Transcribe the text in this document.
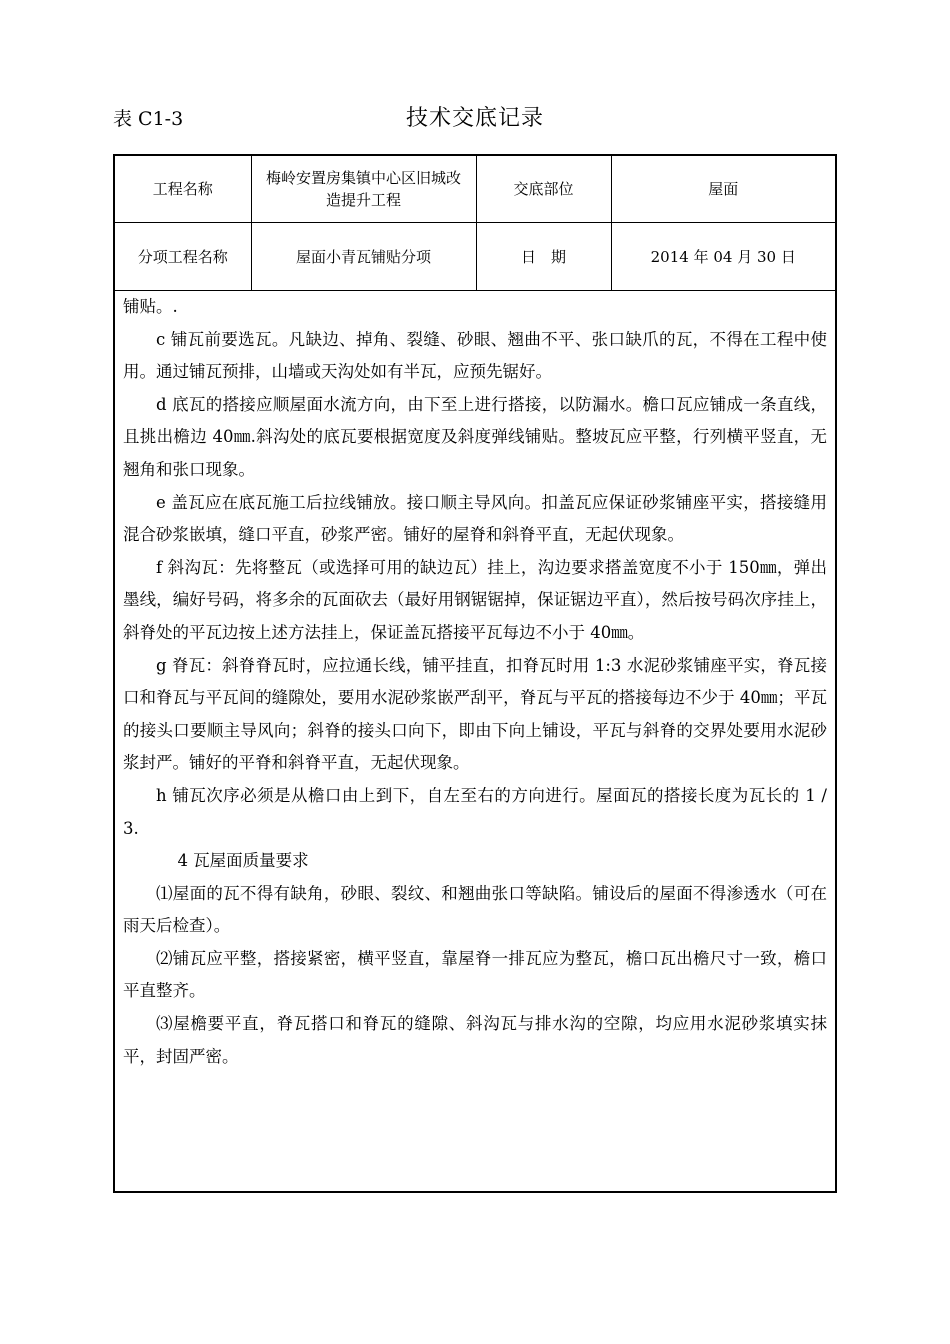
表 C1-3	技术交底记录
工程名称	梅岭安置房集镇中心区旧城改造提升工程	交底部位	屋面
分项工程名称	屋面小青瓦铺贴分项	日　期	2014 年 04 月 30 日

铺贴。.

c 铺瓦前要选瓦。凡缺边、掉角、裂缝、砂眼、翘曲不平、张口缺爪的瓦，不得在工程中使用。通过铺瓦预排，山墙或天沟处如有半瓦，应预先锯好。

d 底瓦的搭接应顺屋面水流方向，由下至上进行搭接，以防漏水。檐口瓦应铺成一条直线，且挑出檐边 40㎜.斜沟处的底瓦要根据宽度及斜度弹线铺贴。整坡瓦应平整，行列横平竖直，无翘角和张口现象。

e 盖瓦应在底瓦施工后拉线铺放。接口顺主导风向。扣盖瓦应保证砂浆铺座平实，搭接缝用混合砂浆嵌填，缝口平直，砂浆严密。铺好的屋脊和斜脊平直，无起伏现象。

f 斜沟瓦：先将整瓦（或选择可用的缺边瓦）挂上，沟边要求搭盖宽度不小于 150㎜，弹出墨线，编好号码，将多余的瓦面砍去（最好用钢锯锯掉，保证锯边平直），然后按号码次序挂上，斜脊处的平瓦边按上述方法挂上，保证盖瓦搭接平瓦每边不小于 40㎜。

g 脊瓦：斜脊脊瓦时，应拉通长线，铺平挂直，扣脊瓦时用 1:3 水泥砂浆铺座平实，脊瓦接口和脊瓦与平瓦间的缝隙处，要用水泥砂浆嵌严刮平，脊瓦与平瓦的搭接每边不少于 40㎜；平瓦的接头口要顺主导风向；斜脊的接头口向下，即由下向上铺设，平瓦与斜脊的交界处要用水泥砂浆封严。铺好的平脊和斜脊平直，无起伏现象。

h 铺瓦次序必须是从檐口由上到下，自左至右的方向进行。屋面瓦的搭接长度为瓦长的 1 / 3.

4 瓦屋面质量要求

⑴屋面的瓦不得有缺角，砂眼、裂纹、和翘曲张口等缺陷。铺设后的屋面不得渗透水（可在雨天后检查）。

⑵铺瓦应平整，搭接紧密，横平竖直，靠屋脊一排瓦应为整瓦，檐口瓦出檐尺寸一致，檐口平直整齐。

⑶屋檐要平直，脊瓦搭口和脊瓦的缝隙、斜沟瓦与排水沟的空隙，均应用水泥砂浆填实抹平，封固严密。
